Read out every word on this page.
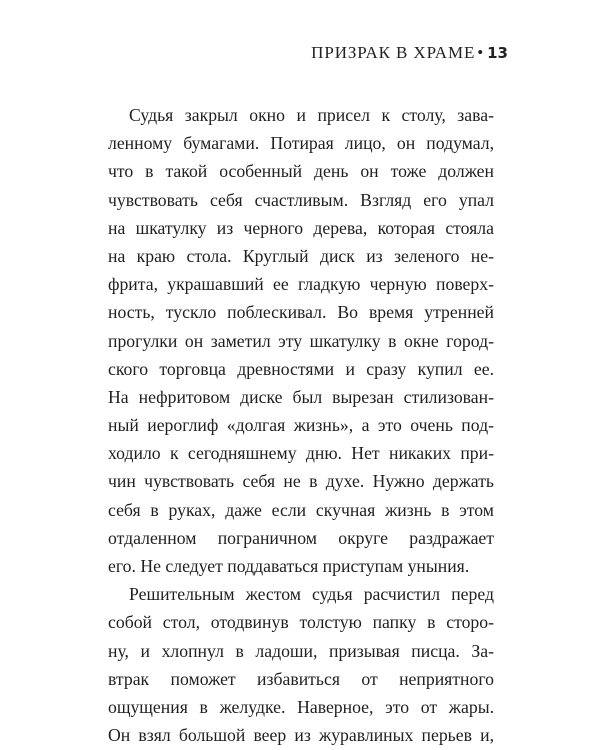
ПРИЗРАК В ХРАМЕ • 13
Судья закрыл окно и присел к столу, зава-
ленному бумагами. Потирая лицо, он подумал,
что в такой особенный день он тоже должен
чувствовать себя счастливым. Взгляд его упал
на шкатулку из черного дерева, которая стояла
на краю стола. Круглый диск из зеленого не-
фрита, украшавший ее гладкую черную поверх-
ность, тускло поблескивал. Во время утренней
прогулки он заметил эту шкатулку в окне город-
ского торговца древностями и сразу купил ее.
На нефритовом диске был вырезан стилизован-
ный иероглиф «долгая жизнь», а это очень под-
ходило к сегодняшнему дню. Нет никаких при-
чин чувствовать себя не в духе. Нужно держать
себя в руках, даже если скучная жизнь в этом
отдаленном пограничном округе раздражает
его. Не следует поддаваться приступам уныния.
Решительным жестом судья расчистил перед
собой стол, отодвинув толстую папку в сторо-
ну, и хлопнул в ладоши, призывая писца. За-
втрак поможет избавиться от неприятного
ощущения в желудке. Наверное, это от жары.
Он взял большой веер из журавлиных перьев и,
